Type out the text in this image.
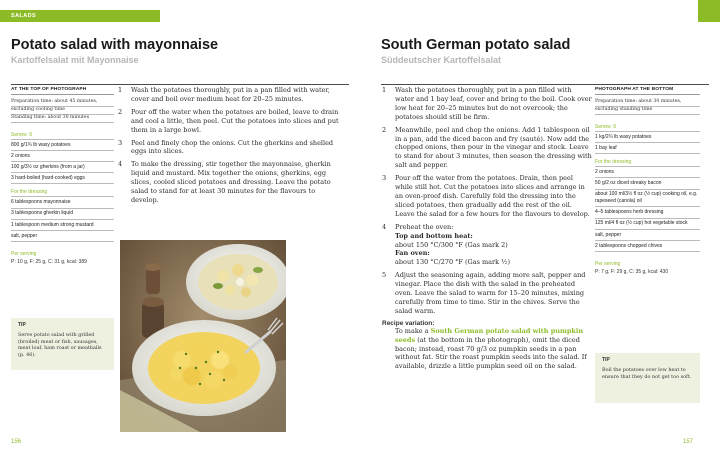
SALADS
Potato salad with mayonnaise
Kartoffelsalat mit Mayonnaise
AT THE TOP OF PHOTOGRAPH
Preparation time: about 45 minutes,
excluding cooling time
Standing time: about 30 minutes
Serves: 6
800 g/1¾ lb waxy potatoes
2 onions
100 g/3½ oz gherkins (from a jar)
3 hard-boiled (hard-cooked) eggs
For the dressing
6 tablespoons mayonnaise
3 tablespoons gherkin liquid
1 tablespoon medium strong mustard
salt, pepper
Per serving
P: 10 g, F: 25 g, C: 31 g, kcal: 389
TIP
Serve potato salad with grilled (broiled) meat or fish, sausages, meat loaf, ham roast or meatballs (p. 46).
1 Wash the potatoes thoroughly, put in a pan filled with water, cover and boil over medium heat for 20–25 minutes.
2 Pour off the water when the potatoes are boiled, leave to drain and cool a little, then peel. Cut the potatoes into slices and put them in a large bowl.
3 Peel and finely chop the onions. Cut the gherkins and shelled eggs into slices.
4 To make the dressing, stir together the mayonnaise, gherkin liquid and mustard. Mix together the onions, gherkins, egg slices, cooled sliced potatoes and dressing. Leave the potato salad to stand for at least 30 minutes for the flavours to develop.
156
South German potato salad
Süddeutscher Kartoffelsalat
1 Wash the potatoes thoroughly, put in a pan filled with water and 1 bay leaf, cover and bring to the boil. Cook over low heat for 20–25 minutes but do not overcook; the potatoes should still be firm.
2 Meanwhile, peel and chop the onions. Add 1 tablespoon oil in a pan, add the diced bacon and fry (sauté). Now add the chopped onions, then pour in the vinegar and stock. Leave to stand for about 3 minutes, then season the dressing with salt and pepper.
3 Pour off the water from the potatoes. Drain, then peel while still hot. Cut the potatoes into slices and arrange in an oven-proof dish. Carefully fold the dressing into the sliced potatoes, then gradually add the rest of the oil. Leave the salad for a few hours for the flavours to develop.
4 Preheat the oven:
Top and bottom heat:
about 150 °C/300 °F (Gas mark 2)
Fan oven:
about 130 °C/270 °F (Gas mark ½)
5 Adjust the seasoning again, adding more salt, pepper and vinegar. Place the dish with the salad in the preheated oven. Leave the salad to warm for 15–20 minutes, mixing carefully from time to time. Stir in the chives. Serve the salad warm.
Recipe variation:
To make a South German potato salad with pumpkin seeds (at the bottom in the photograph), omit the diced bacon; instead, roast 70 g/3 oz pumpkin seeds in a pan without fat. Stir the roast pumpkin seeds into the salad. If available, drizzle a little pumpkin seed oil on the salad.
PHOTOGRAPH AT THE BOTTOM
Preparation time: about 30 minutes,
excluding standing time
Serves: 6
1 kg/2¼ lb waxy potatoes
1 bay leaf
For the dressing
2 onions
50 g/2 oz diced streaky bacon
about 100 ml/3½ fl oz (½ cup) cooking oil, e.g. rapeseed (canola) oil
4–5 tablespoons herb dressing
125 ml/4 fl oz (½ cup) hot vegetable stock
salt, pepper
2 tablespoons chopped chives
Per serving
P: 7 g, F: 29 g, C: 35 g, kcal: 430
TIP
Boil the potatoes over low heat to ensure that they do not get too soft.
157
